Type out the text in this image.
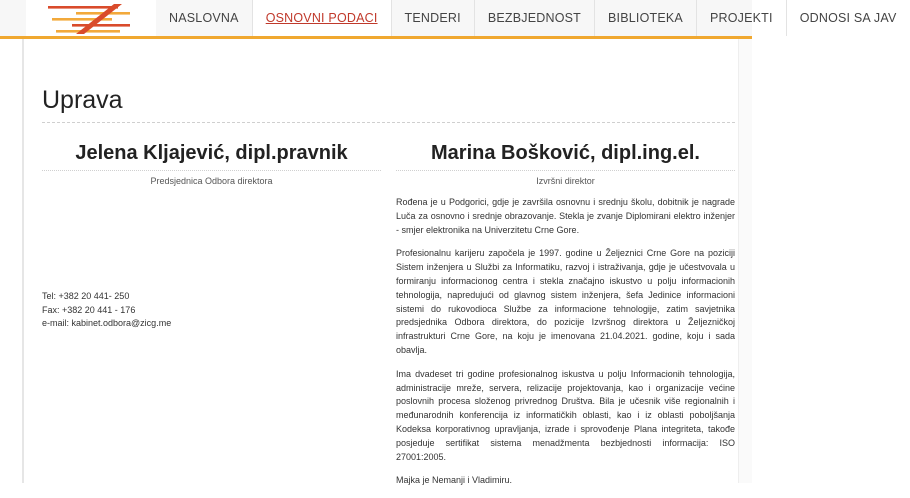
NASLOVNA	OSNOVNI PODACI	TENDERI	BEZBJEDNOST	BIBLIOTEKA	PROJEKTI	ODNOSI SA JAV
Uprava
Jelena Kljajević, dipl.pravnik
Predsjednica Odbora direktora
Tel: +382 20 441- 250
Fax: +382 20 441 - 176
e-mail: kabinet.odbora@zicg.me
Marina Bošković, dipl.ing.el.
Izvršni direktor

Rođena je u Podgorici, gdje je završila osnovnu i srednju školu, dobitnik je nagrade Luča za osnovno i srednje obrazovanje. Stekla je zvanje Diplomirani elektro inženjer - smjer elektronika na Univerzitetu Crne Gore.

Profesionalnu karijeru započela je 1997. godine u Željeznici Crne Gore na poziciji Sistem inženjera u Službi za Informatiku, razvoj i istraživanja, gdje je učestvovala u formiranju informacionog centra i stekla značajno iskustvo u polju informacionih tehnologija, napredujući od glavnog sistem inženjera, šefa Jedinice informacioni sistemi do rukovodioca Službe za informacione tehnologije, zatim savjetnika predsjednika Odbora direktora, do pozicije Izvršnog direktora u Željezničkoj infrastrukturi Crne Gore, na koju je imenovana 21.04.2021. godine, koju i sada obavlja.

Ima dvadeset tri godine profesionalnog iskustva u polju Informacionih tehnologija, administracije mreže, servera, relizacije projektovanja, kao i organizacije većine poslovnih procesa složenog privrednog Društva. Bila je učesnik više regionalnih i međunarodnih konferencija iz informatičkih oblasti, kao i iz oblasti poboljšanja Kodeksa korporativnog upravljanja, izrade i sprovođenje Plana integriteta, takođe posjeduje sertifikat sistema menadžmenta bezbjednosti informacija: ISO 27001:2005.

Majka je Nemanji i Vladimiru.
